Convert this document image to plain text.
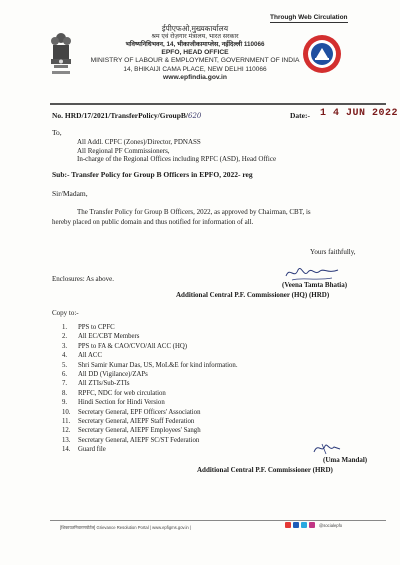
Through Web Circulation
ईपीएफओ,मुख्यकार्यालय
श्रम एवं रोज़गार मंत्रालय, भारत सरकार
भविष्यनिधिभवन, 14, भीकाजीकामाप्लेस, नईदिल्ली 110066
EPFO, HEAD OFFICE
MINISTRY OF LABOUR & EMPLOYMENT, GOVERNMENT OF INDIA
14, BHIKAIJI CAMA PLACE, NEW DELHI 110066
www.epfindia.gov.in
No. HRD/17/2021/TransferPolicy/GroupB/620	Date:- 1 4 JUN 2022
To,
All Addl. CPFC (Zones)/Director, PDNASS
All Regional PF Commissioners,
In-charge of the Regional Offices including RPFC (ASD), Head Office
Sub:- Transfer Policy for Group B Officers in EPFO, 2022- reg
Sir/Madam,
The Transfer Policy for Group B Officers, 2022, as approved by Chairman, CBT, is
hereby placed on public domain and thus notified for information of all.
Yours faithfully,
Enclosures: As above.
(Veena Tamta Bhatia)
Additional Central P.F. Commissioner (HQ) (HRD)
Copy to:-
1. PPS to CPFC
2. All EC/CBT Members
3. PPS to FA & CAO/CVO/All ACC (HQ)
4. All ACC
5. Shri Samir Kumar Das, US, MoL&E for kind information.
6. All DD (Vigilance)/ZAPs
7. All ZTIs/Sub-ZTIs
8. RPFC, NDC for web circulation
9. Hindi Section for Hindi Version
10. Secretary General, EPF Officers' Association
11. Secretary General, AIEPF Staff Federation
12. Secretary General, AIEPF Employees' Sangh
13. Secretary General, AIEPF SC/ST Federation
14. Guard file
(Uma Mandal)
Additional Central P.F. Commissioner (HRD)
[शिकायतनिवारणपोर्टल] Grievance Resolution Portal | www.epfigms.gov.in |	@socialepfo
